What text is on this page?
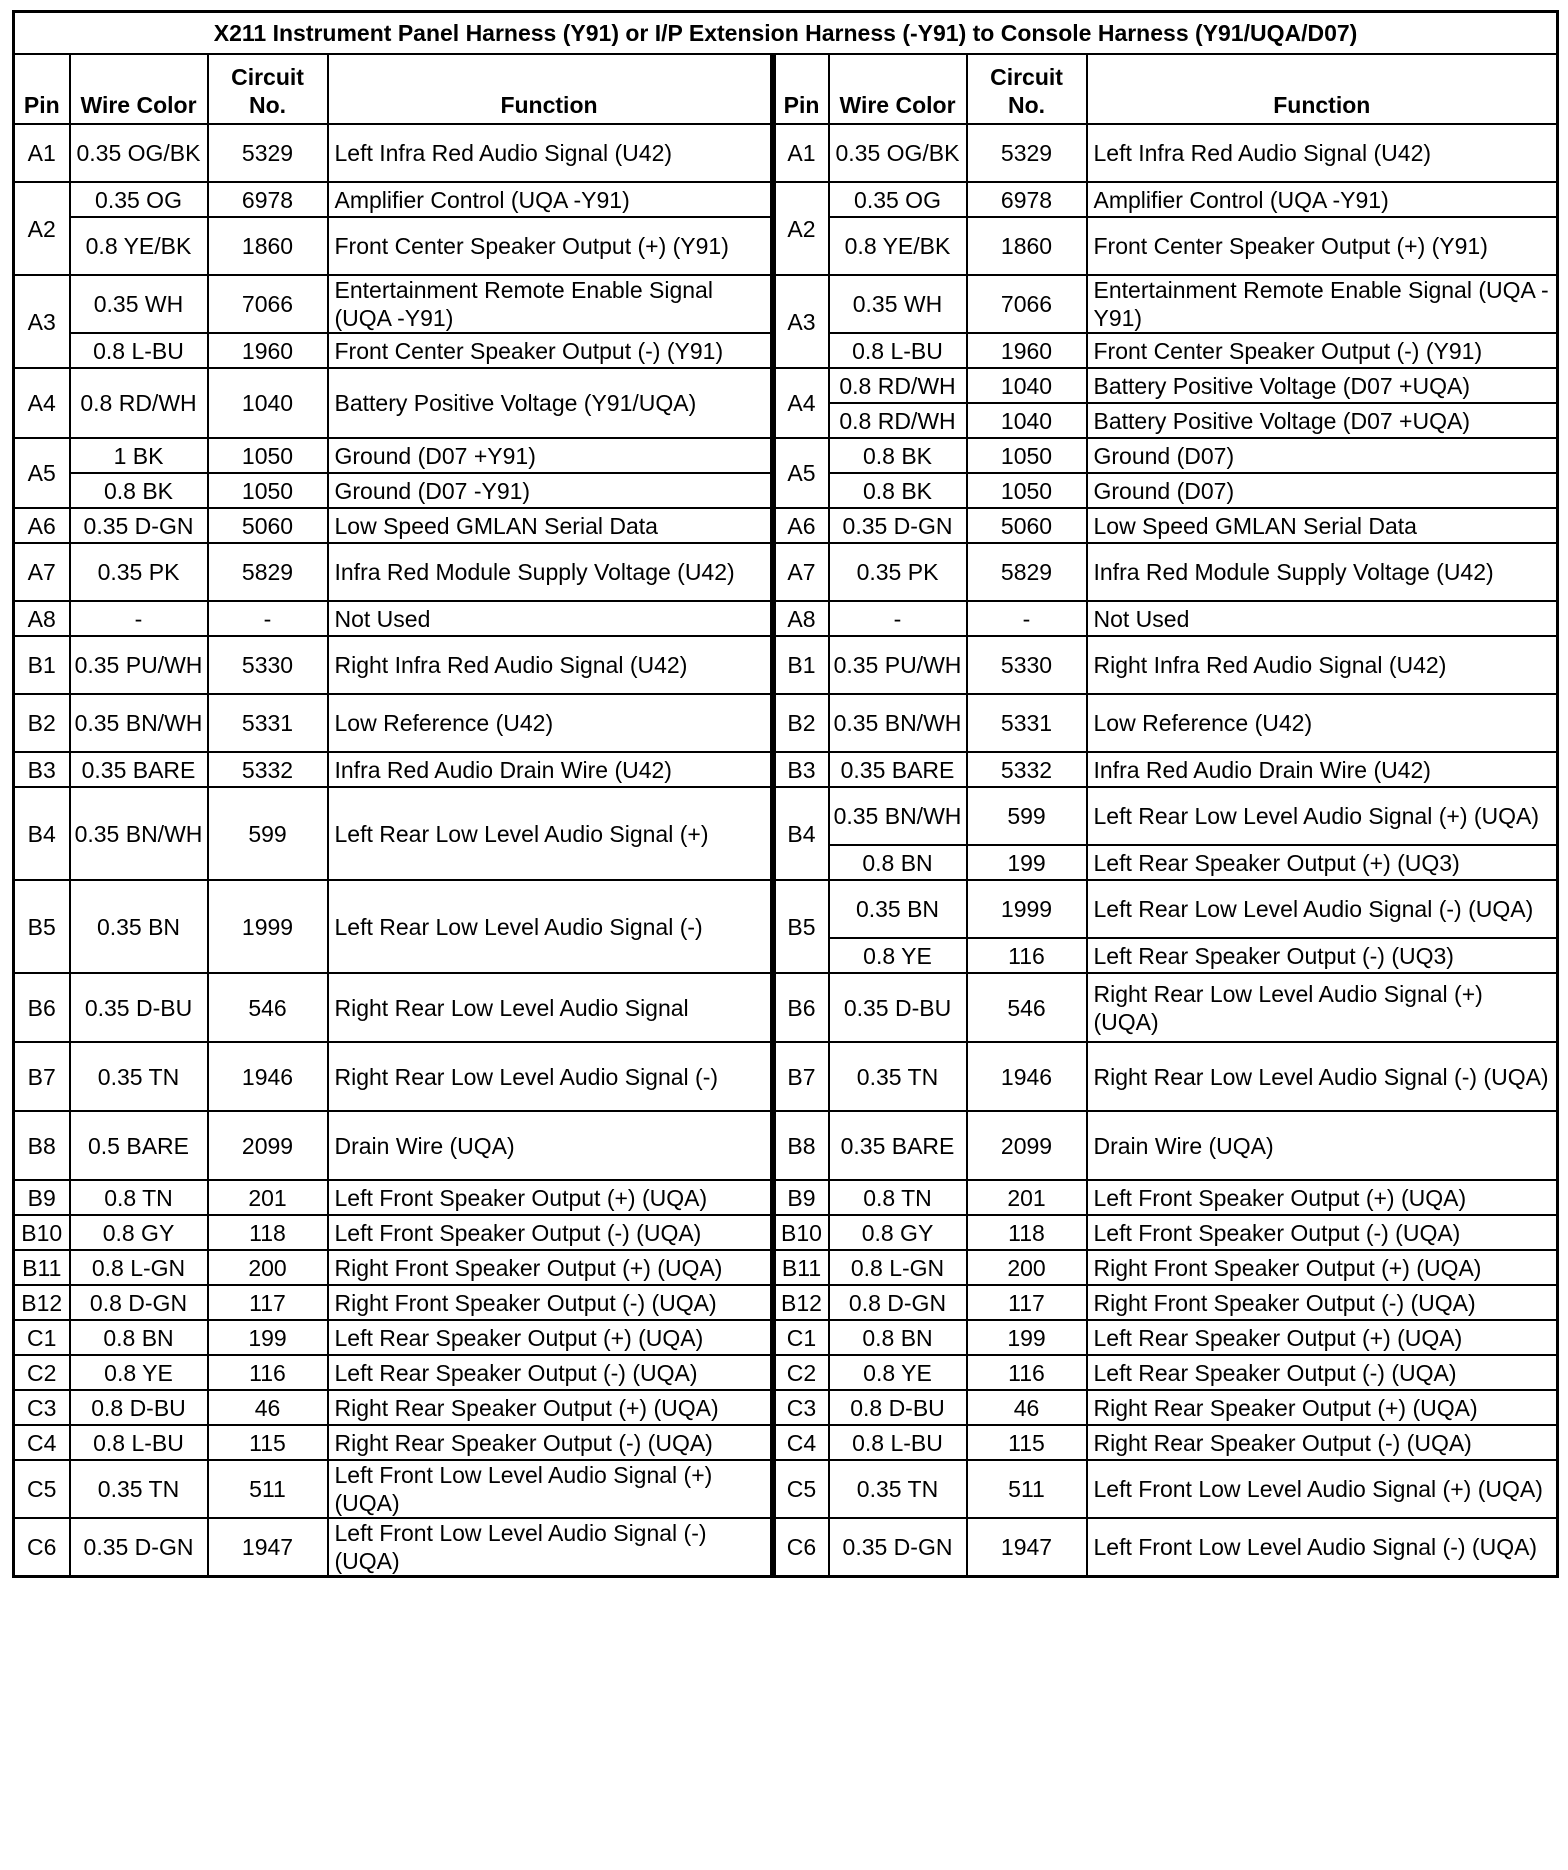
X211 Instrument Panel Harness (Y91) or I/P Extension Harness (-Y91) to Console Harness (Y91/UQA/D07)							
Pin	Wire Color	Circuit No.	Function	Pin	Wire Color	Circuit No.	Function
A1	0.35 OG/BK	5329	Left Infra Red Audio Signal (U42)	A1	0.35 OG/BK	5329	Left Infra Red Audio Signal (U42)
A2	0.35 OG	6978	Amplifier Control (UQA -Y91)	A2	0.35 OG	6978	Amplifier Control (UQA -Y91)
	0.8 YE/BK	1860	Front Center Speaker Output (+) (Y91)		0.8 YE/BK	1860	Front Center Speaker Output (+) (Y91)
A3	0.35 WH	7066	Entertainment Remote Enable Signal (UQA -Y91)	A3	0.35 WH	7066	Entertainment Remote Enable Signal (UQA -Y91)
	0.8 L-BU	1960	Front Center Speaker Output (-) (Y91)		0.8 L-BU	1960	Front Center Speaker Output (-) (Y91)
A4	0.8 RD/WH	1040	Battery Positive Voltage (Y91/UQA)	A4	0.8 RD/WH	1040	Battery Positive Voltage (D07 +UQA)
					0.8 RD/WH	1040	Battery Positive Voltage (D07 +UQA)
A5	1 BK	1050	Ground (D07 +Y91)	A5	0.8 BK	1050	Ground (D07)
	0.8 BK	1050	Ground (D07 -Y91)		0.8 BK	1050	Ground (D07)
A6	0.35 D-GN	5060	Low Speed GMLAN Serial Data	A6	0.35 D-GN	5060	Low Speed GMLAN Serial Data
A7	0.35 PK	5829	Infra Red Module Supply Voltage (U42)	A7	0.35 PK	5829	Infra Red Module Supply Voltage (U42)
A8	-	-	Not Used	A8	-	-	Not Used
B1	0.35 PU/WH	5330	Right Infra Red Audio Signal (U42)	B1	0.35 PU/WH	5330	Right Infra Red Audio Signal (U42)
B2	0.35 BN/WH	5331	Low Reference (U42)	B2	0.35 BN/WH	5331	Low Reference (U42)
B3	0.35 BARE	5332	Infra Red Audio Drain Wire (U42)	B3	0.35 BARE	5332	Infra Red Audio Drain Wire (U42)
B4	0.35 BN/WH	599	Left Rear Low Level Audio Signal (+)	B4	0.35 BN/WH	599	Left Rear Low Level Audio Signal (+) (UQA)
					0.8 BN	199	Left Rear Speaker Output (+) (UQ3)
B5	0.35 BN	1999	Left Rear Low Level Audio Signal (-)	B5	0.35 BN	1999	Left Rear Low Level Audio Signal (-) (UQA)
					0.8 YE	116	Left Rear Speaker Output (-) (UQ3)
B6	0.35 D-BU	546	Right Rear Low Level Audio Signal	B6	0.35 D-BU	546	Right Rear Low Level Audio Signal (+) (UQA)
B7	0.35 TN	1946	Right Rear Low Level Audio Signal (-)	B7	0.35 TN	1946	Right Rear Low Level Audio Signal (-) (UQA)
B8	0.5 BARE	2099	Drain Wire (UQA)	B8	0.35 BARE	2099	Drain Wire (UQA)
B9	0.8 TN	201	Left Front Speaker Output (+) (UQA)	B9	0.8 TN	201	Left Front Speaker Output (+) (UQA)
B10	0.8 GY	118	Left Front Speaker Output (-) (UQA)	B10	0.8 GY	118	Left Front Speaker Output (-) (UQA)
B11	0.8 L-GN	200	Right Front Speaker Output (+) (UQA)	B11	0.8 L-GN	200	Right Front Speaker Output (+) (UQA)
B12	0.8 D-GN	117	Right Front Speaker Output (-) (UQA)	B12	0.8 D-GN	117	Right Front Speaker Output (-) (UQA)
C1	0.8 BN	199	Left Rear Speaker Output (+) (UQA)	C1	0.8 BN	199	Left Rear Speaker Output (+) (UQA)
C2	0.8 YE	116	Left Rear Speaker Output (-) (UQA)	C2	0.8 YE	116	Left Rear Speaker Output (-) (UQA)
C3	0.8 D-BU	46	Right Rear Speaker Output (+) (UQA)	C3	0.8 D-BU	46	Right Rear Speaker Output (+) (UQA)
C4	0.8 L-BU	115	Right Rear Speaker Output (-) (UQA)	C4	0.8 L-BU	115	Right Rear Speaker Output (-) (UQA)
C5	0.35 TN	511	Left Front Low Level Audio Signal (+) (UQA)	C5	0.35 TN	511	Left Front Low Level Audio Signal (+) (UQA)
C6	0.35 D-GN	1947	Left Front Low Level Audio Signal (-) (UQA)	C6	0.35 D-GN	1947	Left Front Low Level Audio Signal (-) (UQA)
